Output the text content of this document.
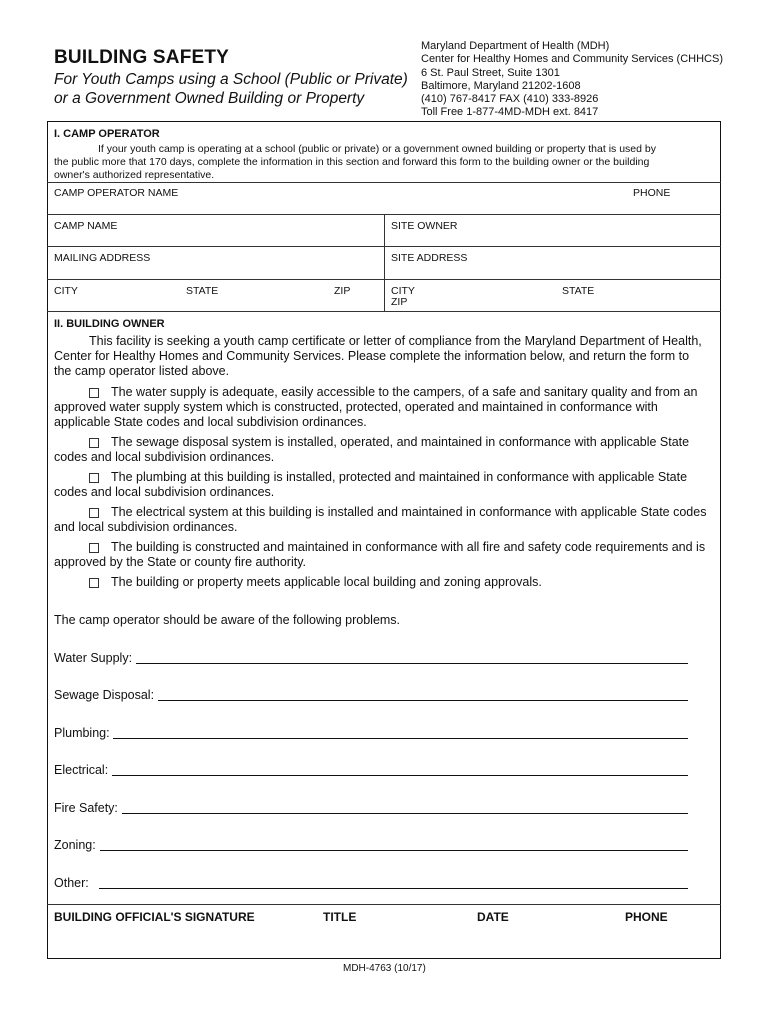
BUILDING SAFETY
For Youth Camps using a School (Public or Private)
or a Government Owned Building or Property
Maryland Department of Health (MDH)
Center for Healthy Homes and Community Services (CHHCS)
6 St. Paul Street, Suite 1301
Baltimore, Maryland 21202-1608
(410) 767-8417 FAX (410) 333-8926
Toll Free 1-877-4MD-MDH ext. 8417
I. CAMP OPERATOR
If your youth camp is operating at a school (public or private) or a government owned building or property that is used by
the public more that 170 days, complete the information in this section and forward this form to the building owner or the building
owner's authorized representative.
CAMP OPERATOR NAME	PHONE
CAMP NAME	SITE OWNER
MAILING ADDRESS	SITE ADDRESS
CITY	STATE	ZIP	CITY	STATE
ZIP
II. BUILDING OWNER
This facility is seeking a youth camp certificate or letter of compliance from the Maryland Department of Health,
Center for Healthy Homes and Community Services. Please complete the information below, and return the form to
the camp operator listed above.
The water supply is adequate, easily accessible to the campers, of a safe and sanitary quality and from an
approved water supply system which is constructed, protected, operated and maintained in conformance with
applicable State codes and local subdivision ordinances.
The sewage disposal system is installed, operated, and maintained in conformance with applicable State
codes and local subdivision ordinances.
The plumbing at this building is installed, protected and maintained in conformance with applicable State
codes and local subdivision ordinances.
The electrical system at this building is installed and maintained in conformance with applicable State codes
and local subdivision ordinances.
The building is constructed and maintained in conformance with all fire and safety code requirements and is
approved by the State or county fire authority.
The building or property meets applicable local building and zoning approvals.
The camp operator should be aware of the following problems.
Water Supply:
Sewage Disposal:
Plumbing:
Electrical:
Fire Safety:
Zoning:
Other:
BUILDING OFFICIAL'S SIGNATURE	TITLE	DATE	PHONE
MDH-4763 (10/17)
